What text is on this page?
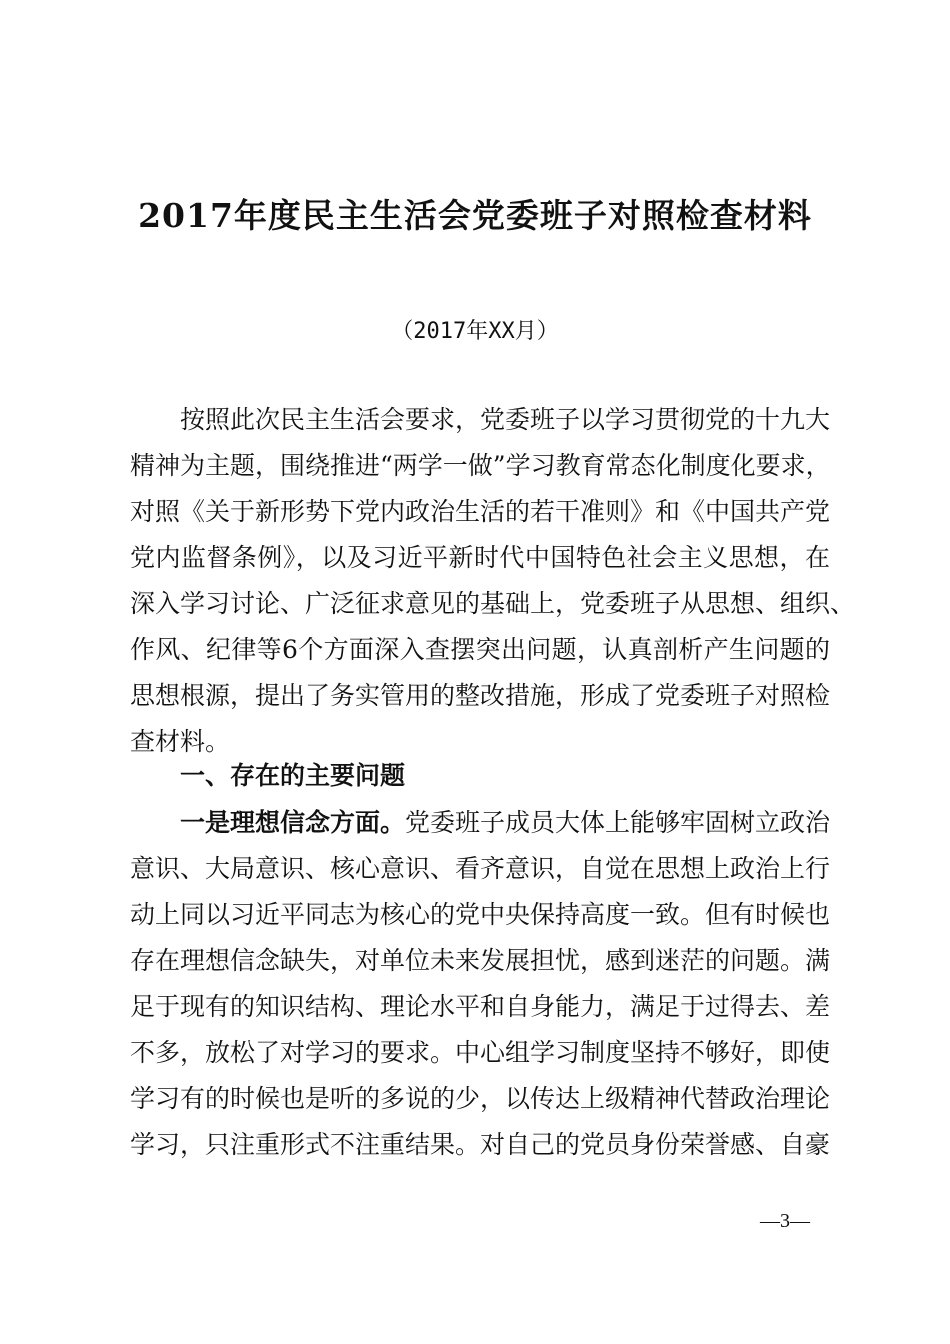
2017年度民主生活会党委班子对照检查材料
（2017年XX月）
按照此次民主生活会要求，党委班子以学习贯彻党的十九大
精神为主题，围绕推进“两学一做”学习教育常态化制度化要求，
对照《关于新形势下党内政治生活的若干准则》和《中国共产党
党内监督条例》，以及习近平新时代中国特色社会主义思想，在
深入学习讨论、广泛征求意见的基础上，党委班子从思想、组织、
作风、纪律等6个方面深入查摆突出问题，认真剖析产生问题的
思想根源，提出了务实管用的整改措施，形成了党委班子对照检
查材料。
一、存在的主要问题
一是理想信念方面。党委班子成员大体上能够牢固树立政治
意识、大局意识、核心意识、看齐意识，自觉在思想上政治上行
动上同以习近平同志为核心的党中央保持高度一致。但有时候也
存在理想信念缺失，对单位未来发展担忧，感到迷茫的问题。满
足于现有的知识结构、理论水平和自身能力，满足于过得去、差
不多，放松了对学习的要求。中心组学习制度坚持不够好，即使
学习有的时候也是听的多说的少，以传达上级精神代替政治理论
学习，只注重形式不注重结果。对自己的党员身份荣誉感、自豪
—3—
